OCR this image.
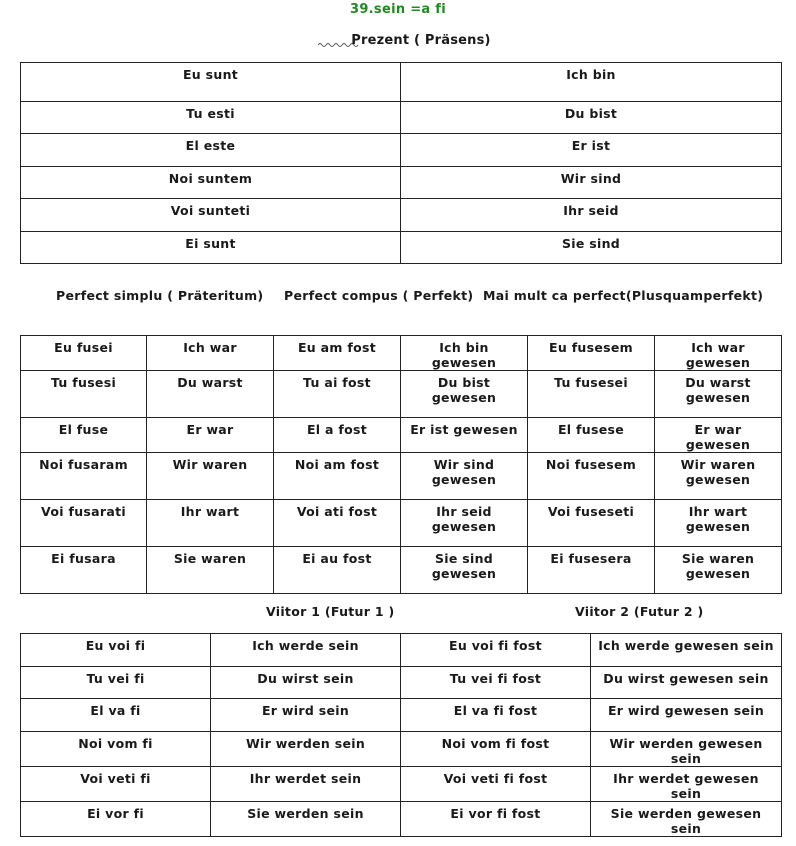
39.sein =a fi
Prezent ( Präsens)
Eu sunt	Ich bin
Tu esti	Du bist
El este	Er ist
Noi suntem	Wir sind
Voi sunteti	Ihr seid
Ei sunt	Sie sind
Perfect simplu ( Präteritum) Perfect compus ( Perfekt) Mai mult ca perfect(Plusquamperfekt)
Eu fusei	Ich war	Eu am fost	Ich bin gewesen	Eu fusesem	Ich war gewesen
Tu fusesi	Du warst	Tu ai fost	Du bist gewesen	Tu fusesei	Du warst gewesen
El fuse	Er war	El a fost	Er ist gewesen	El fusese	Er war gewesen
Noi fusaram	Wir waren	Noi am fost	Wir sind gewesen	Noi fusesem	Wir waren gewesen
Voi fusarati	Ihr wart	Voi ati fost	Ihr seid gewesen	Voi fuseseti	Ihr wart gewesen
Ei fusara	Sie waren	Ei au fost	Sie sind gewesen	Ei fusesera	Sie waren gewesen
Viitor 1 (Futur 1 )	Viitor 2 (Futur 2 )
Eu voi fi	Ich werde sein	Eu voi fi fost	Ich werde gewesen sein
Tu vei fi	Du wirst sein	Tu vei fi fost	Du wirst gewesen sein
El va fi	Er wird sein	El va fi fost	Er wird gewesen sein
Noi vom fi	Wir werden sein	Noi vom fi fost	Wir werden gewesen sein
Voi veti fi	Ihr werdet sein	Voi veti fi fost	Ihr werdet gewesen sein
Ei vor fi	Sie werden sein	Ei vor fi fost	Sie werden gewesen sein
